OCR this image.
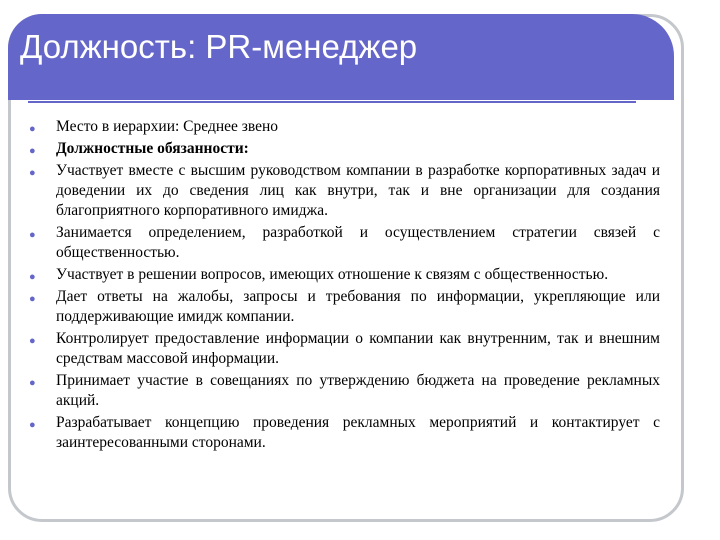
Должность: PR-менеджер
●
Место в иерархии: Среднее звено
●
Должностные обязанности:
●
Участвует вместе с высшим руководством компании в разработке корпоративных задач и доведении их до сведения лиц как внутри, так и вне организации для создания благоприятного корпоративного имиджа.
●
Занимается определением, разработкой и осуществлением стратегии связей с общественностью.
●
Участвует в решении вопросов, имеющих отношение к связям с общественностью.
●
Дает ответы на жалобы, запросы и требования по информации, укрепляющие или поддерживающие имидж компании.
●
Контролирует предоставление информации о компании как внутренним, так и внешним средствам массовой информации.
●
Принимает участие в совещаниях по утверждению бюджета на проведение рекламных акций.
●
Разрабатывает концепцию проведения рекламных мероприятий и контактирует с заинтересованными сторонами.
